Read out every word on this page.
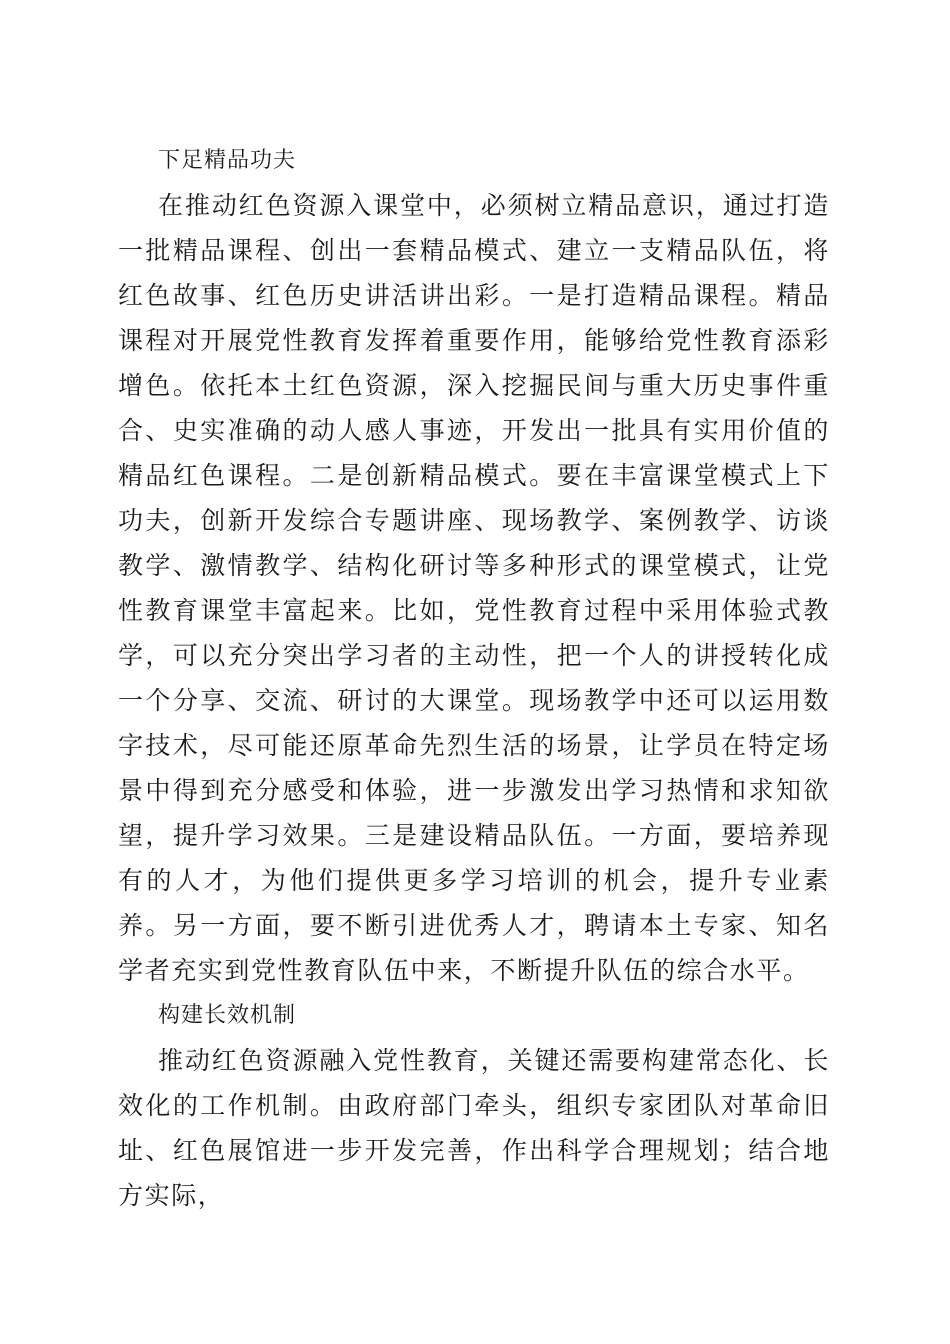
下足精品功夫

在推动红色资源入课堂中，必须树立精品意识，通过打造一批精品课程、创出一套精品模式、建立一支精品队伍，将红色故事、红色历史讲活讲出彩。一是打造精品课程。精品课程对开展党性教育发挥着重要作用，能够给党性教育添彩增色。依托本土红色资源，深入挖掘民间与重大历史事件重合、史实准确的动人感人事迹，开发出一批具有实用价值的精品红色课程。二是创新精品模式。要在丰富课堂模式上下功夫，创新开发综合专题讲座、现场教学、案例教学、访谈教学、激情教学、结构化研讨等多种形式的课堂模式，让党性教育课堂丰富起来。比如，党性教育过程中采用体验式教学，可以充分突出学习者的主动性，把一个人的讲授转化成一个分享、交流、研讨的大课堂。现场教学中还可以运用数字技术，尽可能还原革命先烈生活的场景，让学员在特定场景中得到充分感受和体验，进一步激发出学习热情和求知欲望，提升学习效果。三是建设精品队伍。一方面，要培养现有的人才，为他们提供更多学习培训的机会，提升专业素养。另一方面，要不断引进优秀人才，聘请本土专家、知名学者充实到党性教育队伍中来，不断提升队伍的综合水平。

构建长效机制

推动红色资源融入党性教育，关键还需要构建常态化、长效化的工作机制。由政府部门牵头，组织专家团队对革命旧址、红色展馆进一步开发完善，作出科学合理规划；结合地方实际，
